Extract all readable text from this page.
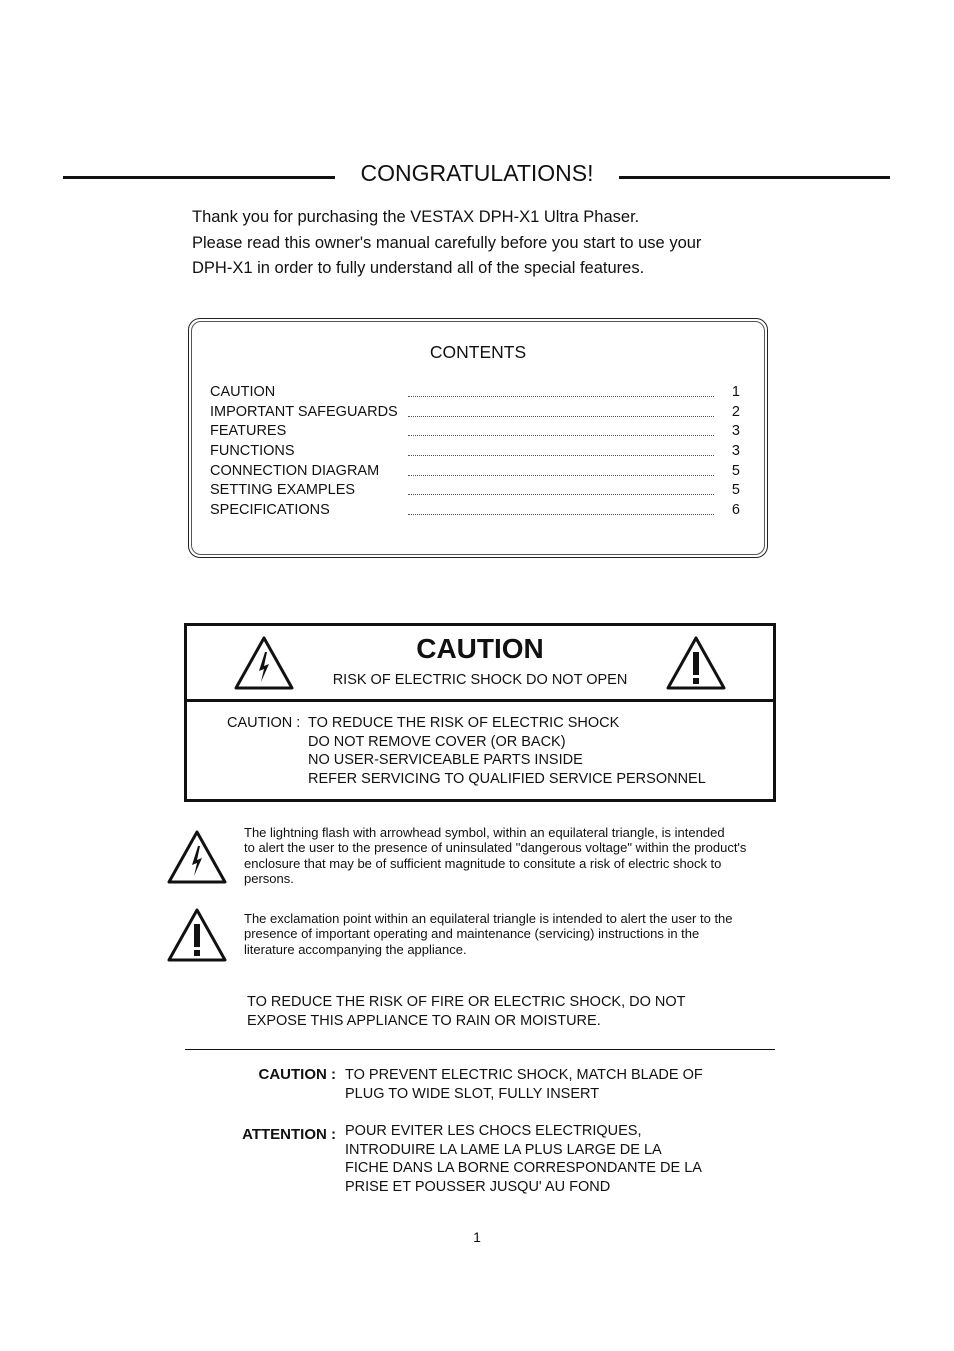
CONGRATULATIONS!
Thank you for purchasing the VESTAX DPH-X1 Ultra Phaser.
Please read this owner's manual carefully before you start to use your
DPH-X1 in order to fully understand all of the special features.
CONTENTS
CAUTION	1
IMPORTANT SAFEGUARDS	2
FEATURES	3
FUNCTIONS	3
CONNECTION DIAGRAM	5
SETTING EXAMPLES	5
SPECIFICATIONS	6
CAUTION
RISK OF ELECTRIC SHOCK DO NOT OPEN
CAUTION : TO REDUCE THE RISK OF ELECTRIC SHOCK
DO NOT REMOVE COVER (OR BACK)
NO USER-SERVICEABLE PARTS INSIDE
REFER SERVICING TO QUALIFIED SERVICE PERSONNEL
The lightning flash with arrowhead symbol, within an equilateral triangle, is intended
to alert the user to the presence of uninsulated "dangerous voltage" within the product's
enclosure that may be of sufficient magnitude to consitute a risk of electric shock to
persons.
The exclamation point within an equilateral triangle is intended to alert the user to the
presence of important operating and maintenance (servicing) instructions in the
literature accompanying the appliance.
TO REDUCE THE RISK OF FIRE OR ELECTRIC SHOCK, DO NOT
EXPOSE THIS APPLIANCE TO RAIN OR MOISTURE.
CAUTION : TO PREVENT ELECTRIC SHOCK, MATCH BLADE OF
PLUG TO WIDE SLOT, FULLY INSERT
ATTENTION : POUR EVITER LES CHOCS ELECTRIQUES,
INTRODUIRE LA LAME LA PLUS LARGE DE LA
FICHE DANS LA BORNE CORRESPONDANTE DE LA
PRISE ET POUSSER JUSQU' AU FOND
1
